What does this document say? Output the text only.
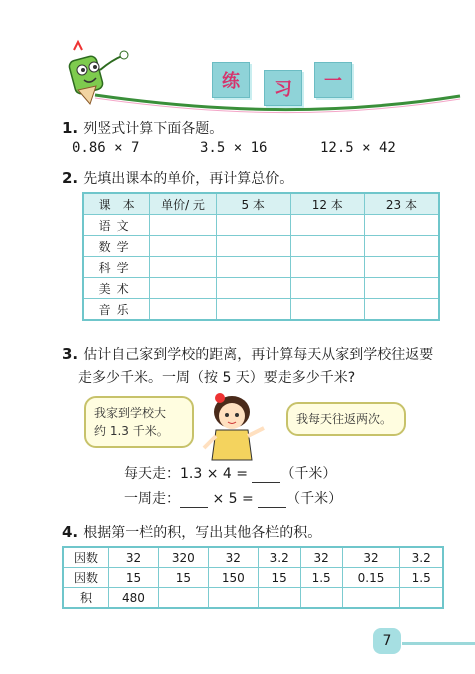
练	习	一
1. 列竖式计算下面各题。
0.86 × 7	3.5 × 16	12.5 × 42
2. 先填出课本的单价，再计算总价。
课　本	单价/ 元	5 本	12 本	23 本
语文				
数学				
科学				
美术				
音乐				
3. 估计自己家到学校的距离，再计算每天从家到学校往返要
走多少千米。一周（按 5 天）要走多少千米?
我家到学校大
约 1.3 千米。
我每天往返两次。
每天走：1.3 × 4 = （千米）
一周走： × 5 = （千米）
4. 根据第一栏的积，写出其他各栏的积。
因数	32	320	32	3.2	32	32	3.2
因数	15	15	150	15	1.5	0.15	1.5
积	480						
7
